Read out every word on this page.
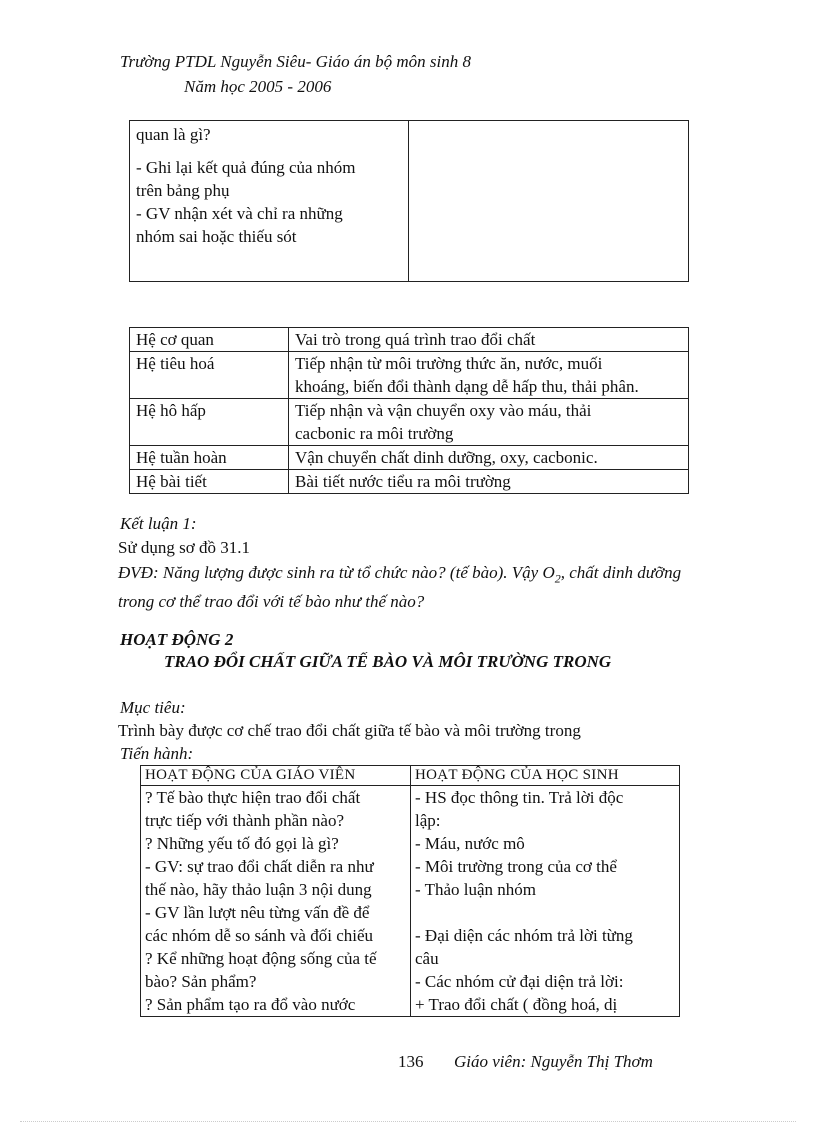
Trường PTDL Nguyễn Siêu- Giáo án bộ môn sinh 8
Năm học 2005 - 2006
quan là gì?
- Ghi lại kết quả đúng của nhóm
trên bảng phụ
- GV nhận xét và chỉ ra những
nhóm sai hoặc thiếu sót

Hệ cơ quan	Vai trò trong quá trình trao đổi chất
Hệ tiêu hoá	Tiếp nhận từ môi trường thức ăn, nước, muối
khoáng, biến đổi thành dạng dễ hấp thu, thải phân.

Hệ hô hấp	Tiếp nhận và vận chuyển oxy vào máu, thải
cacbonic ra môi trường

Hệ tuần hoàn	Vận chuyển chất dinh dưỡng, oxy, cacbonic.
Hệ bài tiết	Bài tiết nước tiểu ra môi trường
Kết luận 1:
Sử dụng sơ đồ 31.1
ĐVĐ: Năng lượng được sinh ra từ tổ chức nào? (tế bào). Vậy $O_2$, chất dinh dưỡng trong cơ thể trao đổi với tế bào như thế nào?
HOẠT ĐỘNG 2
TRAO ĐỔI CHẤT GIỮA TẾ BÀO VÀ MÔI TRƯỜNG TRONG
Mục tiêu:
Trình bày được cơ chế trao đổi chất giữa tế bào và môi trường trong
Tiến hành:
HOẠT ĐỘNG CỦA GIÁO VIÊN	HOẠT ĐỘNG CỦA HỌC SINH
? Tế bào thực hiện trao đổi chất	- HS đọc thông tin. Trả lời độc
trực tiếp với thành phần nào?	lập:
? Những yếu tố đó gọi là gì?	- Máu, nước mô
- GV: sự trao đổi chất diễn ra như	- Môi trường trong của cơ thể
thế nào, hãy thảo luận 3 nội dung	- Thảo luận nhóm
- GV lần lượt nêu từng vấn đề để	
các nhóm dễ so sánh và đối chiếu	- Đại diện các nhóm trả lời từng
? Kể những hoạt động sống của tế	câu
bào? Sản phẩm?	- Các nhóm cử đại diện trả lời:
? Sản phẩm tạo ra đổ vào nước	+ Trao đổi chất ( đồng hoá, dị
136 Giáo viên: Nguyễn Thị Thơm
